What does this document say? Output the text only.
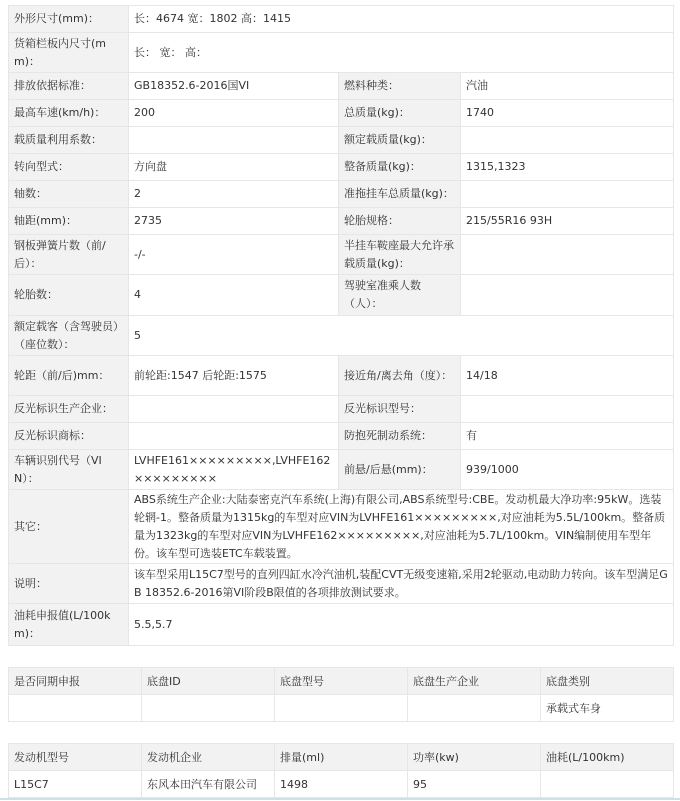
外形尺寸(mm)：	长：4674 宽：1802 高：1415		
货箱栏板内尺寸(mm)：	长： 宽： 高：		
排放依据标准：	GB18352.6-2016国VI	燃料种类：	汽油
最高车速(km/h)：	200	总质量(kg)：	1740
载质量利用系数：		额定载质量(kg)：	
转向型式：	方向盘	整备质量(kg)：	1315,1323
轴数：	2	准拖挂车总质量(kg)：	
轴距(mm)：	2735	轮胎规格：	215/55R16 93H
钢板弹簧片数（前/后）：	-/-	半挂车鞍座最大允许承载质量(kg)：	
轮胎数：	4	驾驶室准乘人数（人）：	
额定载客（含驾驶员）（座位数）：	5		
轮距（前/后)mm：	前轮距:1547 后轮距:1575	接近角/离去角（度）：	14/18
反光标识生产企业：		反光标识型号：	
反光标识商标：		防抱死制动系统：	有
车辆识别代号（VIN）：	LVHFE161×××××××××,LVHFE162×××××××××	前悬/后悬(mm)：	939/1000
其它：	ABS系统生产企业:大陆泰密克汽车系统(上海)有限公司,ABS系统型号:CBE。发动机最大净功率:95kW。选装轮辋-1。整备质量为1315kg的车型对应VIN为LVHFE161×××××××××,对应油耗为5.5L/100km。整备质量为1323kg的车型对应VIN为LVHFE162×××××××××,对应油耗为5.7L/100km。VIN编制使用车型年份。该车型可选装ETC车载装置。		
说明：	该车型采用L15C7型号的直列四缸水冷汽油机,装配CVT无级变速箱,采用2轮驱动,电动助力转向。该车型满足GB 18352.6-2016第VI阶段B限值的各项排放测试要求。		
油耗申报值(L/100km)：	5.5,5.7		
是否同期申报	底盘ID	底盘型号	底盘生产企业	底盘类别
				承载式车身
发动机型号	发动机企业	排量(ml)	功率(kw)	油耗(L/100km)
L15C7	东风本田汽车有限公司	1498	95	
